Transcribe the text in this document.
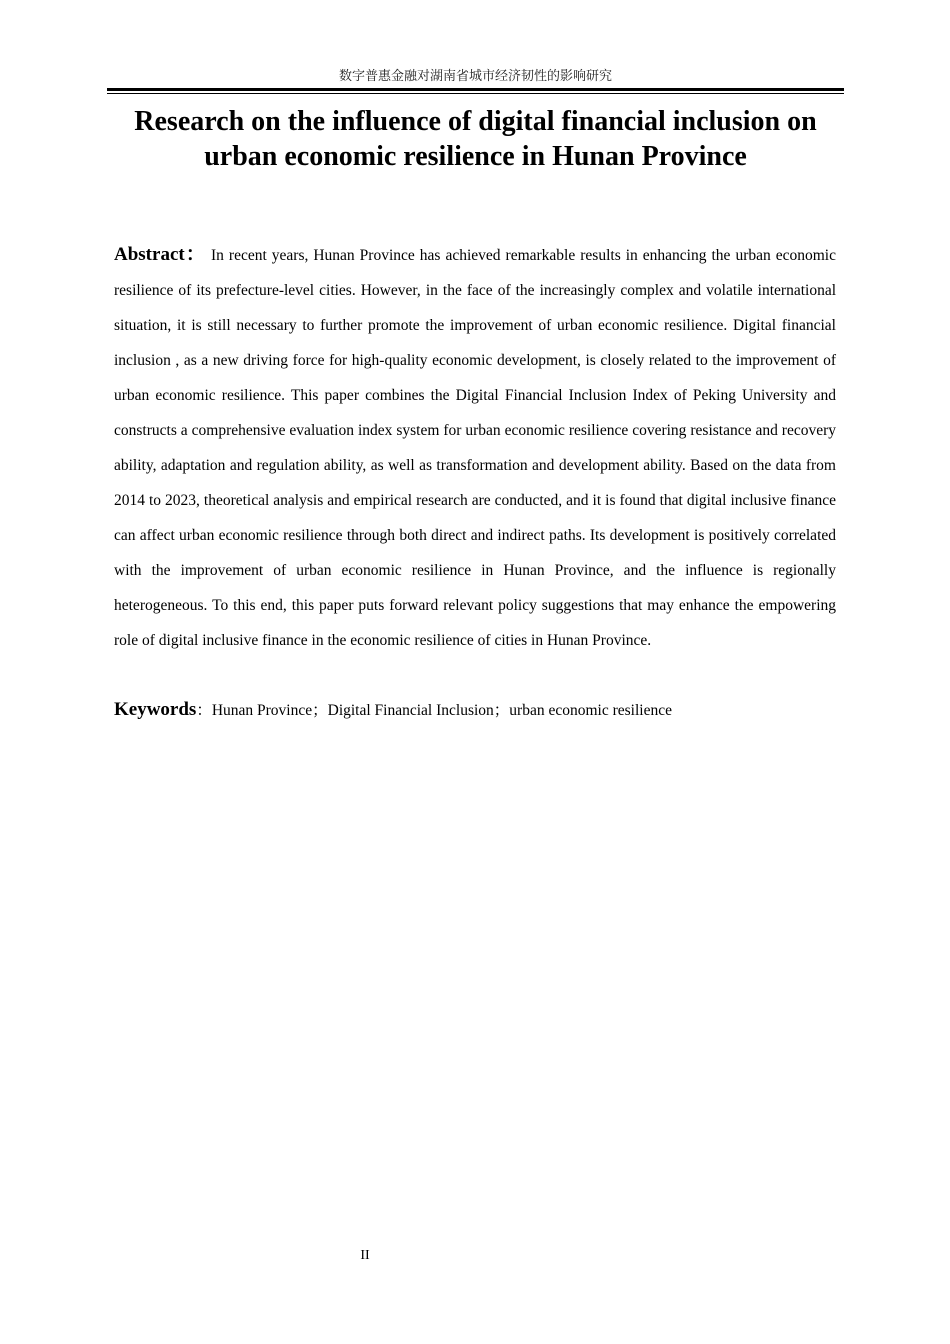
数字普惠金融对湖南省城市经济韧性的影响研究
Research on the influence of digital financial inclusion on urban economic resilience in Hunan Province

Abstract： In recent years, Hunan Province has achieved remarkable results in enhancing the urban economic resilience of its prefecture-level cities. However, in the face of the increasingly complex and volatile international situation, it is still necessary to further promote the improvement of urban economic resilience. Digital financial inclusion , as a new driving force for high-quality economic development, is closely related to the improvement of urban economic resilience. This paper combines the Digital Financial Inclusion Index of Peking University and constructs a comprehensive evaluation index system for urban economic resilience covering resistance and recovery ability, adaptation and regulation ability, as well as transformation and development ability. Based on the data from 2014 to 2023, theoretical analysis and empirical research are conducted, and it is found that digital inclusive finance can affect urban economic resilience through both direct and indirect paths. Its development is positively correlated with the improvement of urban economic resilience in Hunan Province, and the influence is regionally heterogeneous. To this end, this paper puts forward relevant policy suggestions that may enhance the empowering role of digital inclusive finance in the economic resilience of cities in Hunan Province.

Keywords：Hunan Province；Digital Financial Inclusion；urban economic resilience

II
